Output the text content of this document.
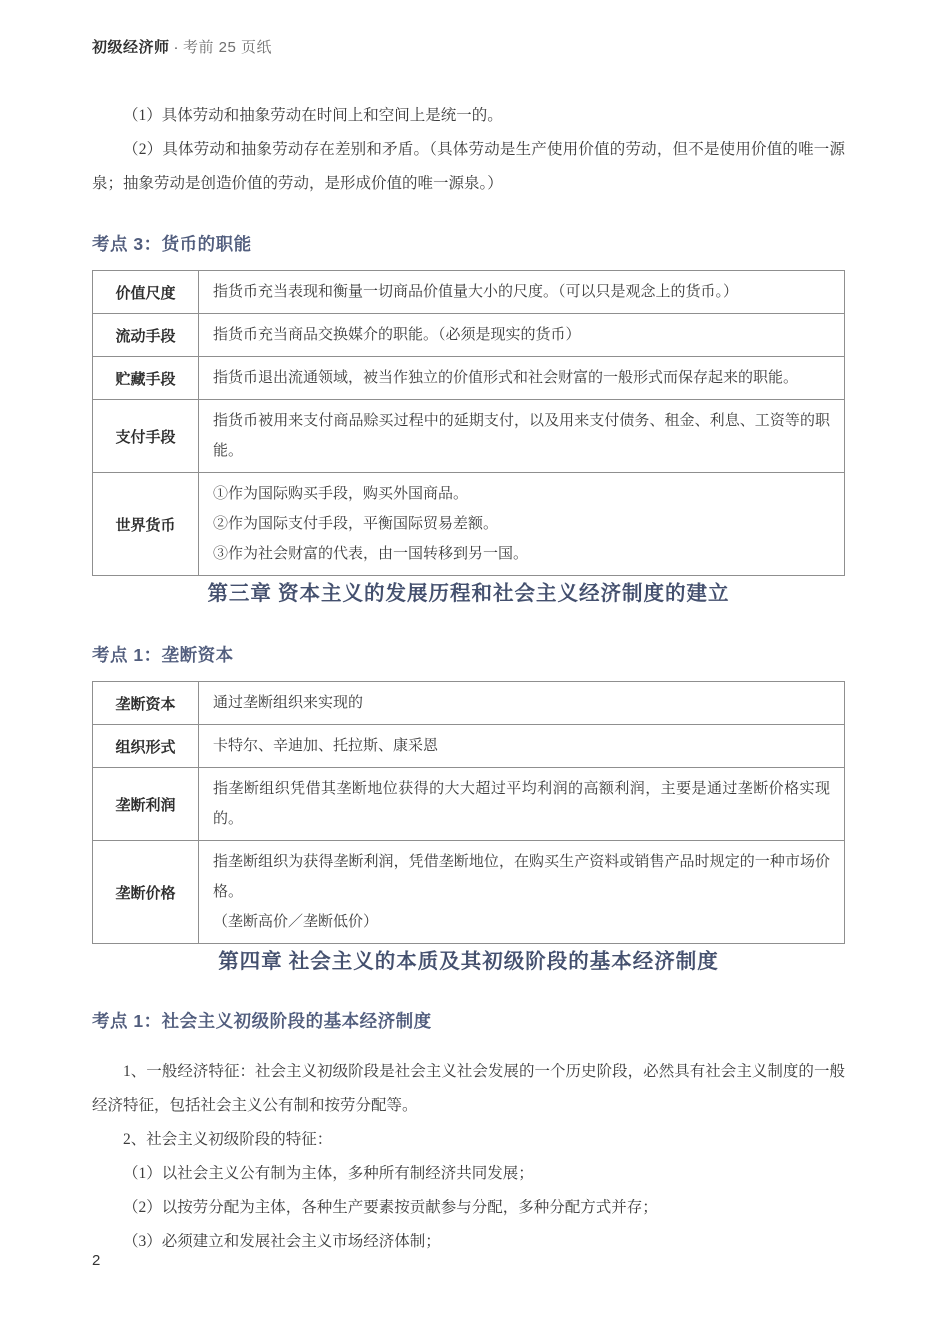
初级经济师 · 考前 25 页纸

（1）具体劳动和抽象劳动在时间上和空间上是统一的。

（2）具体劳动和抽象劳动存在差别和矛盾。（具体劳动是生产使用价值的劳动，但不是使用价值的唯一源泉；抽象劳动是创造价值的劳动，是形成价值的唯一源泉。）

考点 3：货币的职能
价值尺度	指货币充当表现和衡量一切商品价值量大小的尺度。（可以只是观念上的货币。）

流动手段	指货币充当商品交换媒介的职能。（必须是现实的货币）

贮藏手段	指货币退出流通领域，被当作独立的价值形式和社会财富的一般形式而保存起来的职能。

支付手段	指货币被用来支付商品赊买过程中的延期支付，以及用来支付债务、租金、利息、工资等的职能。

世界货币	①作为国际购买手段，购买外国商品。
②作为国际支付手段，平衡国际贸易差额。
③作为社会财富的代表，由一国转移到另一国。
第三章 资本主义的发展历程和社会主义经济制度的建立
考点 1：垄断资本
垄断资本	通过垄断组织来实现的

组织形式	卡特尔、辛迪加、托拉斯、康采恩

垄断利润	指垄断组织凭借其垄断地位获得的大大超过平均利润的高额利润，主要是通过垄断价格实现的。

垄断价格	指垄断组织为获得垄断利润，凭借垄断地位，在购买生产资料或销售产品时规定的一种市场价格。
（垄断高价／垄断低价）
第四章 社会主义的本质及其初级阶段的基本经济制度
考点 1：社会主义初级阶段的基本经济制度

1、一般经济特征：社会主义初级阶段是社会主义社会发展的一个历史阶段，必然具有社会主义制度的一般经济特征，包括社会主义公有制和按劳分配等。

2、社会主义初级阶段的特征：

（1）以社会主义公有制为主体，多种所有制经济共同发展；

（2）以按劳分配为主体，各种生产要素按贡献参与分配，多种分配方式并存；

（3）必须建立和发展社会主义市场经济体制；

2
